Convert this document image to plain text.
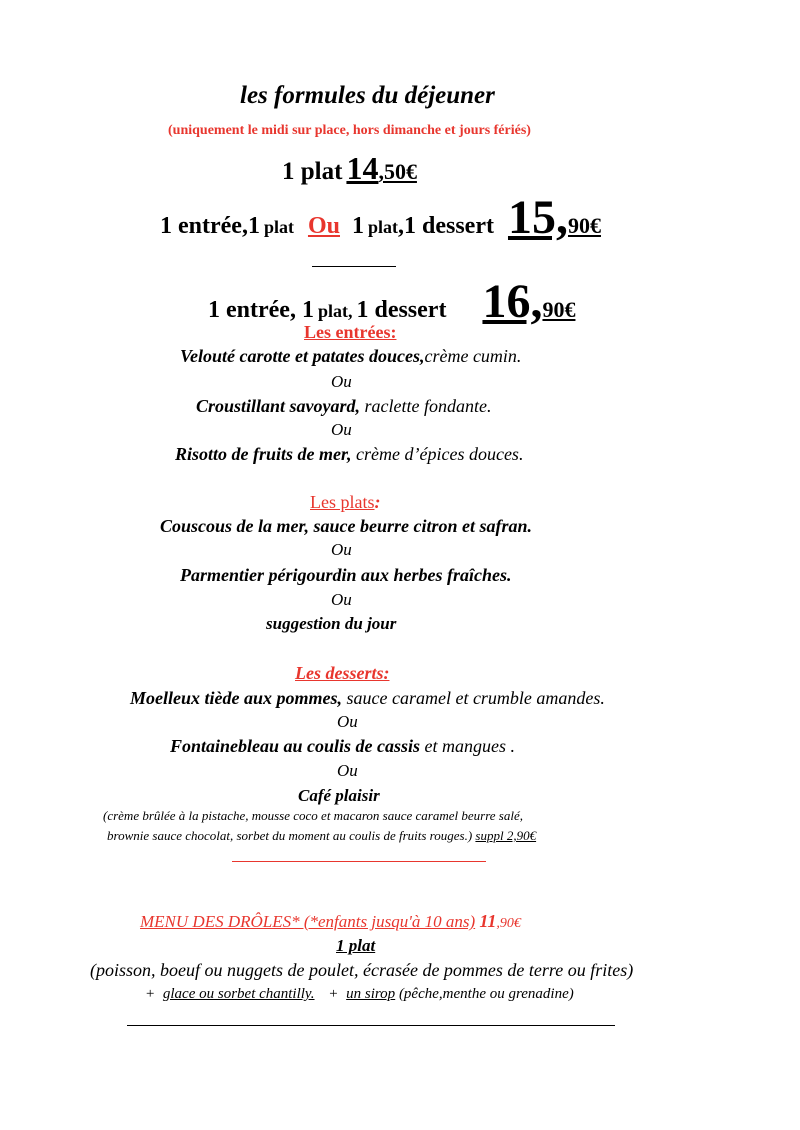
les formules du déjeuner
(uniquement le midi sur place, hors dimanche et jours fériés)
1 plat 14,50€
1 entrée,1 plat Ou 1 plat,1 dessert 15,90€
1 entrée, 1 plat, 1 dessert 16,90€
Les entrées:
Velouté carotte et patates douces,crème cumin.
Ou
Croustillant savoyard, raclette fondante.
Ou
Risotto de fruits de mer, crème d’épices douces.
Les plats:
Couscous de la mer, sauce beurre citron et safran.
Ou
Parmentier périgourdin aux herbes fraîches.
Ou
suggestion du jour
Les desserts:
Moelleux tiède aux pommes, sauce caramel et crumble amandes.
Ou
Fontainebleau au coulis de cassis et mangues .
Ou
Café plaisir
(crème brûlée à la pistache, mousse coco et macaron sauce caramel beurre salé,
brownie sauce chocolat, sorbet du moment au coulis de fruits rouges.) suppl 2,90€
MENU DES DRÔLES* (*enfants jusqu'à 10 ans) 11,90€
1 plat
(poisson, boeuf ou nuggets de poulet, écrasée de pommes de terre ou frites)
+ glace ou sorbet chantilly. + un sirop (pêche,menthe ou grenadine)
